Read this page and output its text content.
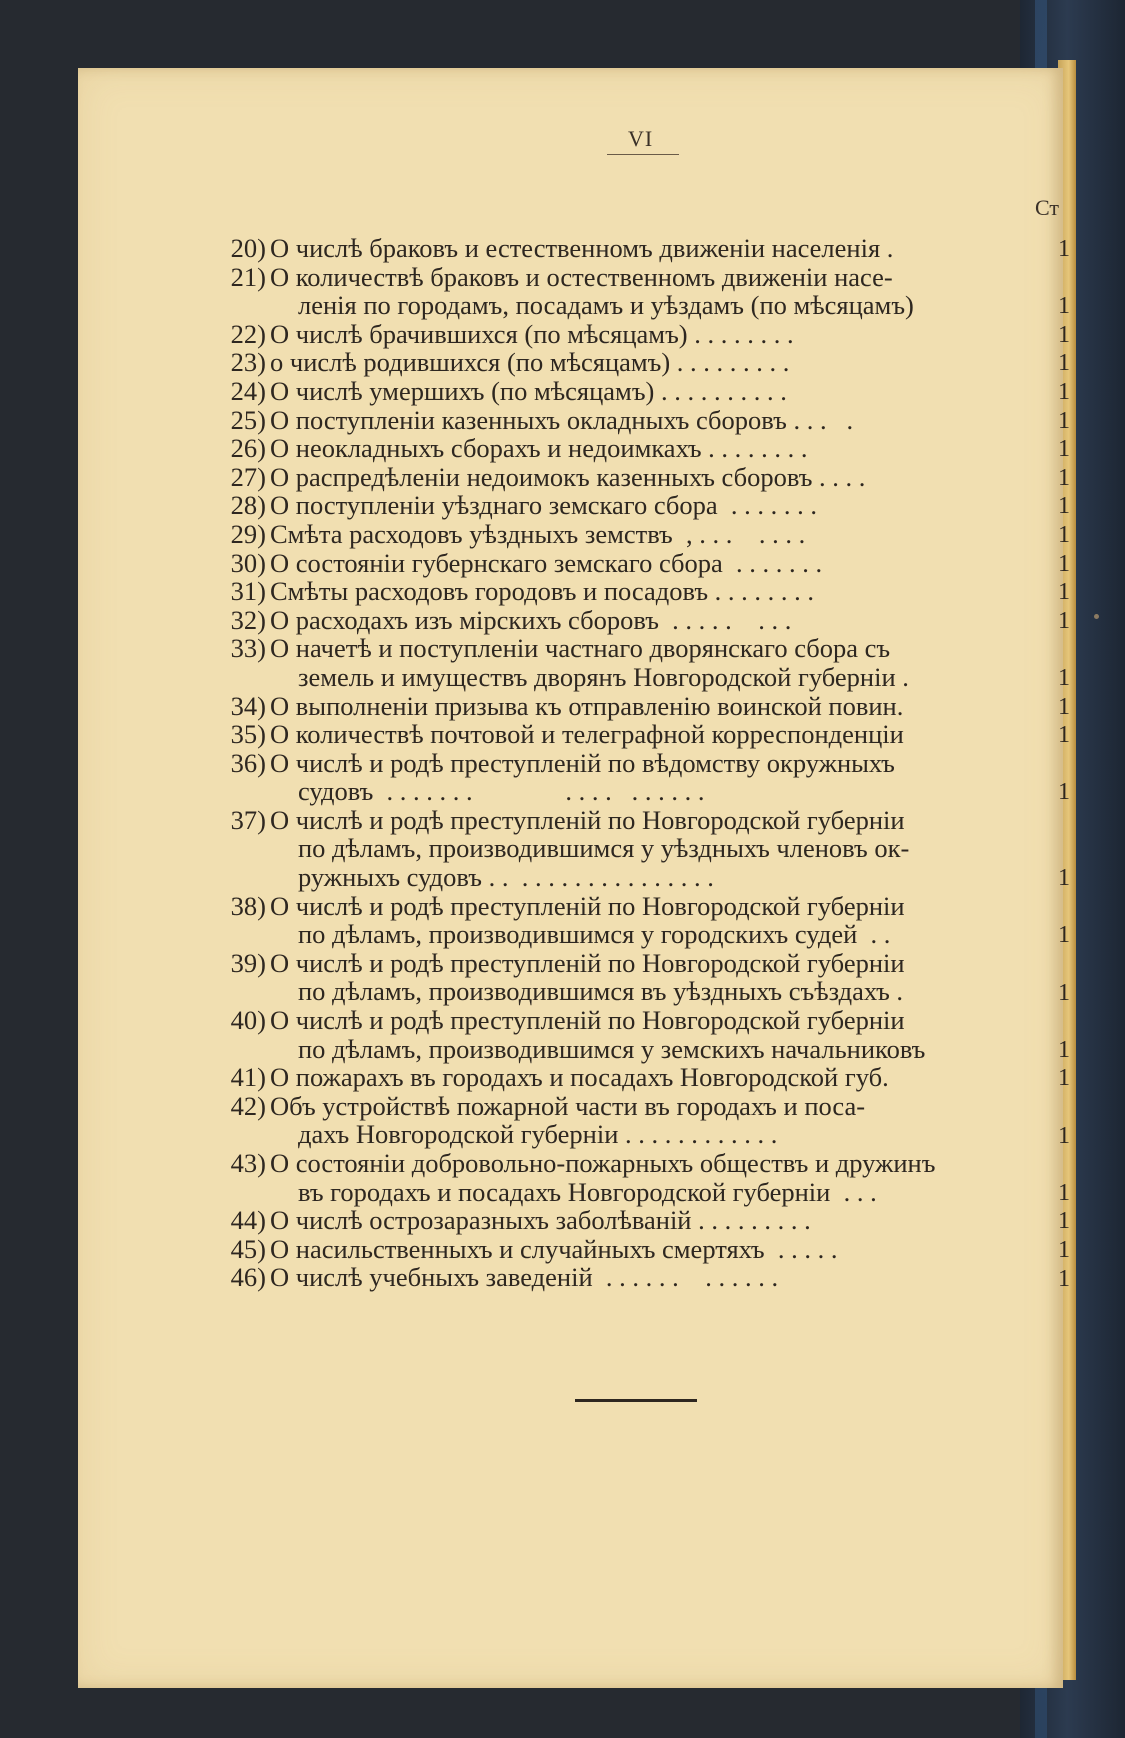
VI
Ст
20) О числѣ браковъ и естественномъ движенiи населенія .
21) О количествѣ браковъ и остественномъ движенiи насе-
ленія по городамъ, посадамъ и уѣздамъ (по мѣсяцамъ)
22) О числѣ брачившихся (по мѣсяцамъ) . . . . . . . .
23) о числѣ родившихся (по мѣсяцамъ) . . . . . . . . .
24) О числѣ умершихъ (по мѣсяцамъ) . . . . . . . . . .
25) О поступленiи казенныхъ окладныхъ сборовъ . . .   .
26) О неокладныхъ сборахъ и недоимкахъ . . . . . . . .
27) О распредѣленiи недоимокъ казенныхъ сборовъ . . . .
28) О поступленiи уѣзднаго земскаго сбора  . . . . . . .
29) Смѣта расходовъ уѣздныхъ земствъ  , . . .    . . . .
30) О состоянiи губернскаго земскаго сбора  . . . . . . .
31) Смѣты расходовъ городовъ и посадовъ . . . . . . . .
32) О расходахъ изъ мiрскихъ сборовъ  . . . . .    . . .
33) О начетѣ и поступленiи частнаго дворянскаго сбора съ
земель и имуществъ дворянъ Новгородской губерніи .
34) О выполненiи призыва къ отправленiю воинской повин.
35) О количествѣ почтовой и телеграфной корреспонденціи
36) О числѣ и родѣ преступленій по вѣдомству окружныхъ
судовъ  . . . . . . .              . . . .   . . . . . .
37) О числѣ и родѣ преступленій по Новгородской губерніи
по дѣламъ, производившимся у уѣздныхъ членовъ ок-
ружныхъ судовъ . .  . . . . . . . . . . . . . . .
38) О числѣ и родѣ преступленій по Новгородской губерніи
по дѣламъ, производившимся у городскихъ судей  . .
39) О числѣ и родѣ преступленій по Новгородской губерніи
по дѣламъ, производившимся въ уѣздныхъ съѣздахъ .
40) О числѣ и родѣ преступленій по Новгородской губерніи
по дѣламъ, производившимся у земскихъ начальниковъ
41) О пожарахъ въ городахъ и посадахъ Новгородской губ.
42) Объ устройствѣ пожарной части въ городахъ и поса-
дахъ Новгородской губерніи . . . . . . . . . . . .
43) О состоянiи добровольно-пожарныхъ обществъ и дружинъ
въ городахъ и посадахъ Новгородской губерніи  . . .
44) О числѣ острозаразныхъ заболѣваній . . . . . . . . .
45) О насильственныхъ и случайныхъ смертяхъ  . . . . .
46) О числѣ учебныхъ заведеній  . . . . . .    . . . . . .
1
1
1
1
1
1
1
1
1
1
1
1
1
1
1
1
1
1
1
1
1
1
1
1
1
1
1
